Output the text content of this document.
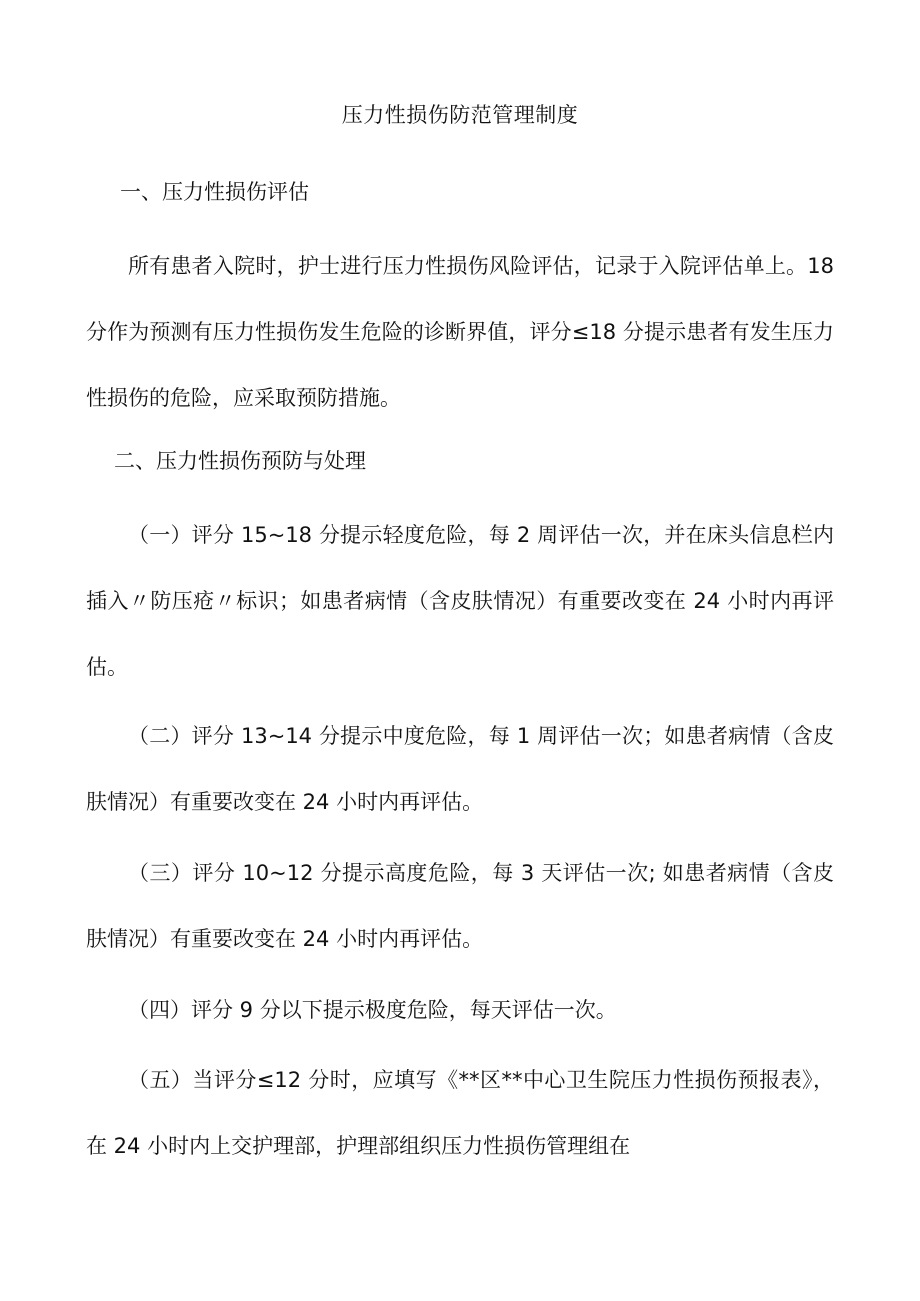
压力性损伤防范管理制度
一、压力性损伤评估
所有患者入院时，护士进行压力性损伤风险评估，记录于入院评估单上。18 分作为预测有压力性损伤发生危险的诊断界值，评分≤18 分提示患者有发生压力性损伤的危险，应采取预防措施。
二、压力性损伤预防与处理
（一）评分 15~18 分提示轻度危险，每 2 周评估一次，并在床头信息栏内插入〃防压疮〃标识；如患者病情（含皮肤情况）有重要改变在 24 小时内再评估。
（二）评分 13~14 分提示中度危险，每 1 周评估一次；如患者病情（含皮肤情况）有重要改变在 24 小时内再评估。
（三）评分 10~12 分提示高度危险，每 3 天评估一次; 如患者病情（含皮肤情况）有重要改变在 24 小时内再评估。
（四）评分 9 分以下提示极度危险，每天评估一次。
（五）当评分≤12 分时，应填写《**区**中心卫生院压力性损伤预报表》，在 24 小时内上交护理部，护理部组织压力性损伤管理组在
